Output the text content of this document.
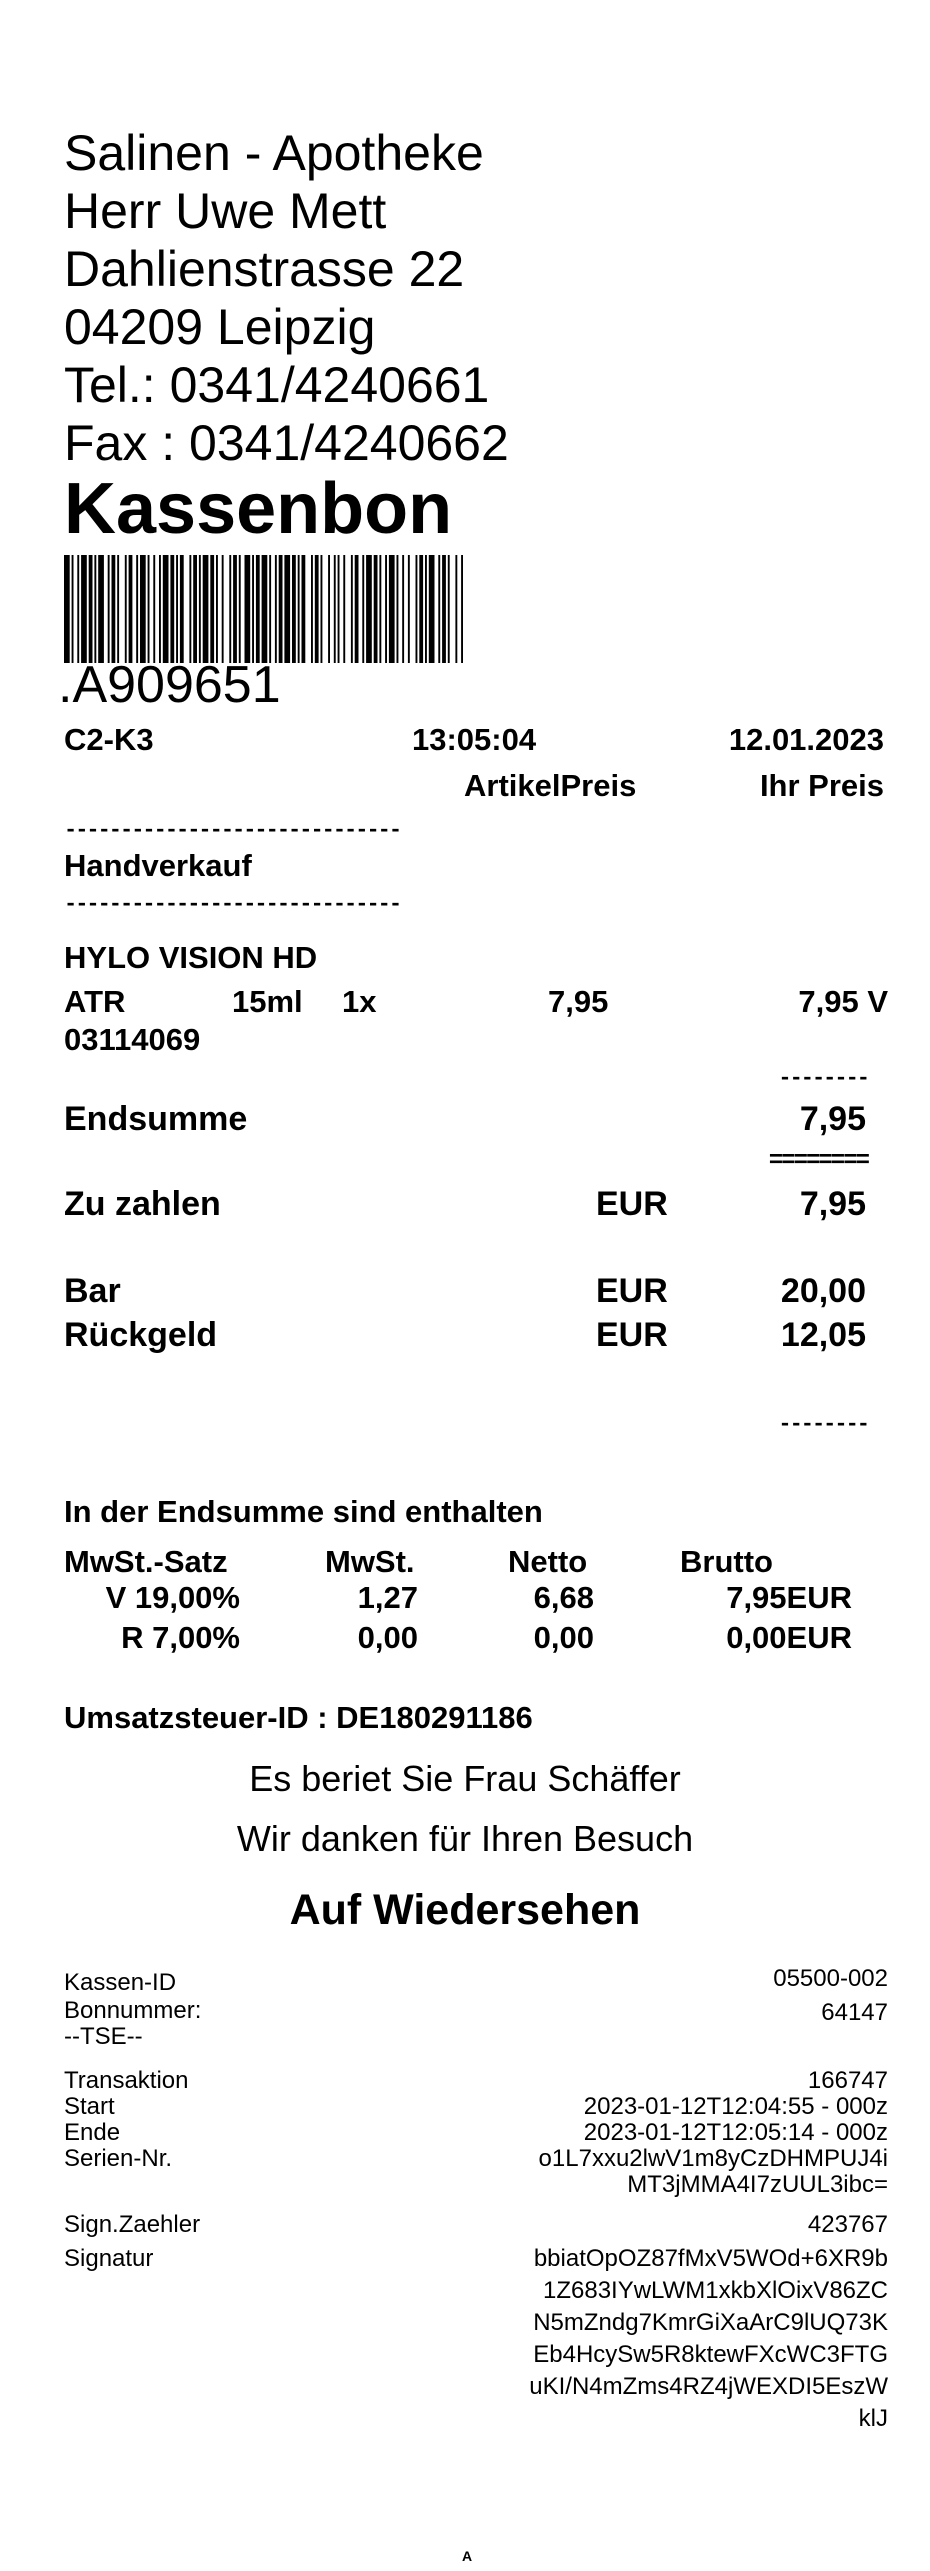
Salinen - Apotheke
Herr Uwe Mett
Dahlienstrasse 22
04209 Leipzig
Tel.: 0341/4240661
Fax : 0341/4240662
Kassenbon
.A909651
C2-K3	13:05:04	12.01.2023
ArtikelPreis	Ihr Preis
------------------------------
Handverkauf
------------------------------
HYLO VISION HD
ATR	15ml 1x	7,95	7,95 V
03114069
--------
Endsumme	7,95
========
Zu zahlen	EUR	7,95
Bar	EUR	20,00
Rückgeld	EUR	12,05
--------
In der Endsumme sind enthalten
MwSt.-Satz	MwSt.	Netto	Brutto
V 19,00%	1,27	6,68	7,95EUR
R 7,00%	0,00	0,00	0,00EUR
Umsatzsteuer-ID : DE180291186
Es beriet Sie Frau Schäffer
Wir danken für Ihren Besuch
Auf Wiedersehen
Kassen-ID	05500-002
Bonnummer:	64147
--TSE--
Transaktion	166747
Start	2023-01-12T12:04:55 - 000z
Ende	2023-01-12T12:05:14 - 000z
Serien-Nr.	o1L7xxu2lwV1m8yCzDHMPUJ4i
MT3jMMA4I7zUUL3ibc=
Sign.Zaehler	423767
Signatur	bbiatOpOZ87fMxV5WOd+6XR9b
1Z683IYwLWM1xkbXlOixV86ZC
N5mZndg7KmrGiXaArC9lUQ73K
Eb4HcySw5R8ktewFXcWC3FTG
uKI/N4mZms4RZ4jWEXDI5EszW
klJ
A
